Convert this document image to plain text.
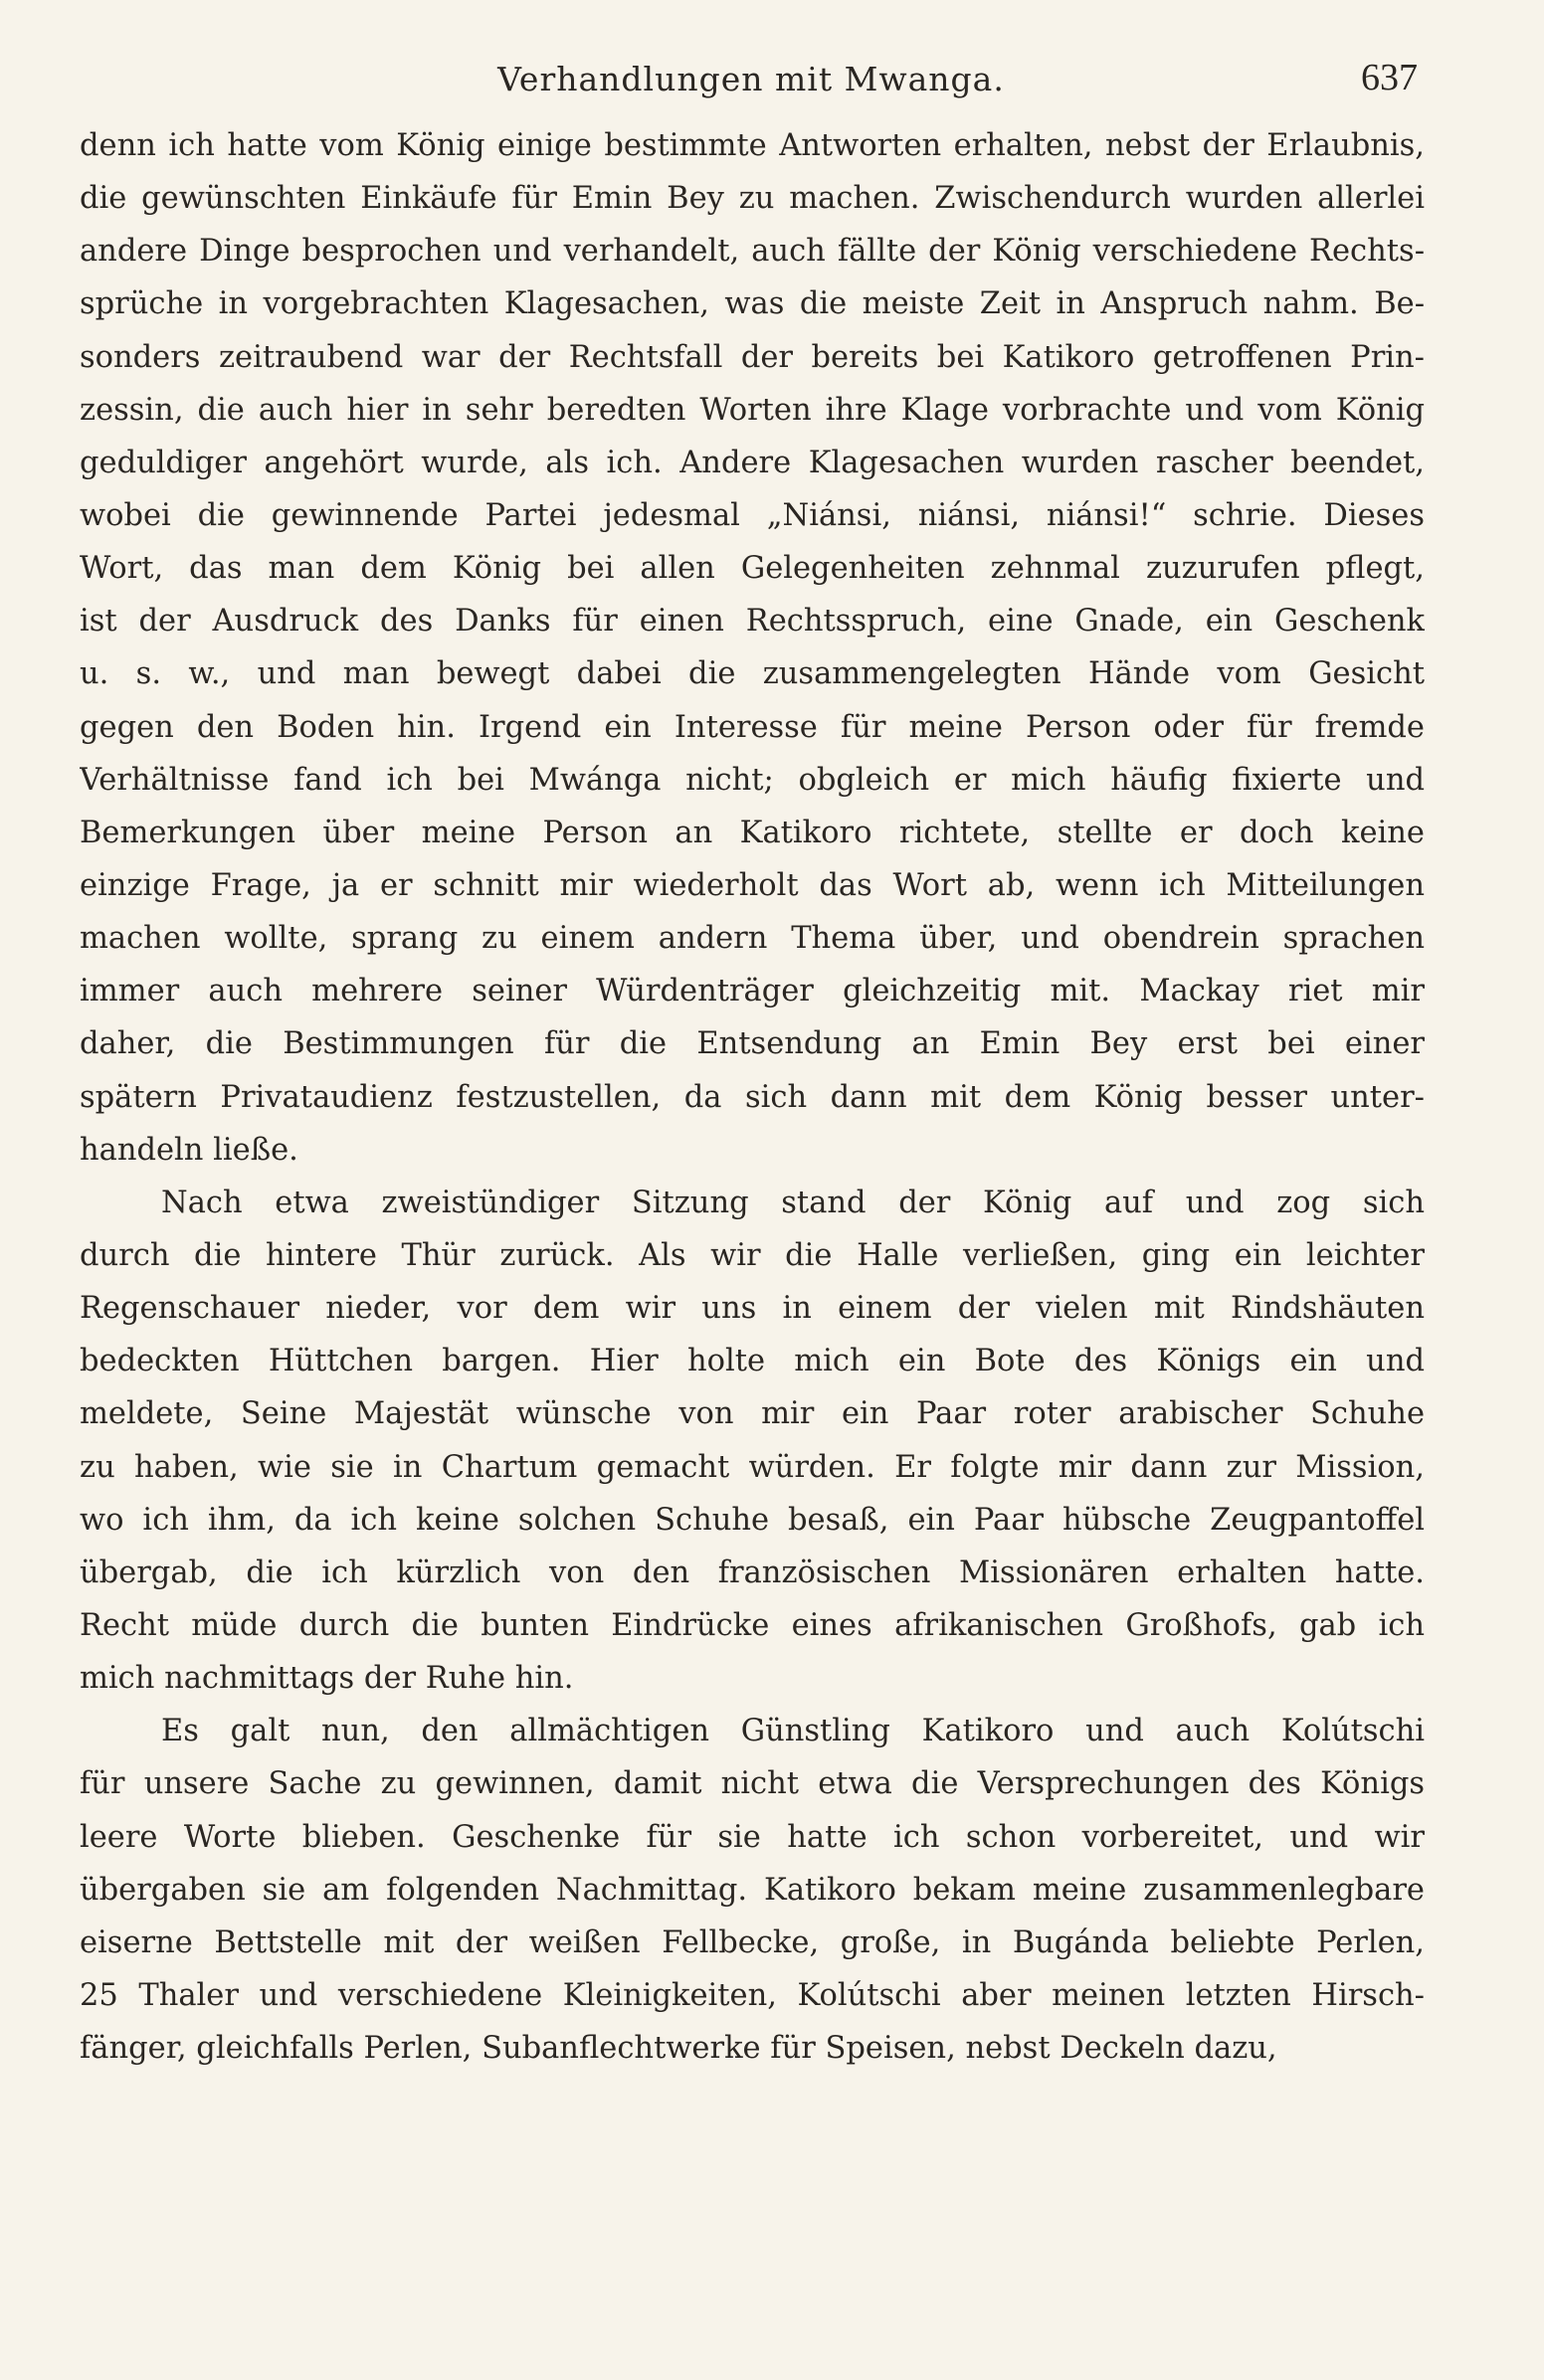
Verhandlungen mit Mwanga.	637
denn ich hatte vom König einige bestimmte Antworten erhalten, nebst der Erlaubnis,
die gewünschten Einkäufe für Emin Bey zu machen. Zwischendurch wurden allerlei
andere Dinge besprochen und verhandelt, auch fällte der König verschiedene Rechts-
sprüche in vorgebrachten Klagesachen, was die meiste Zeit in Anspruch nahm. Be-
sonders zeitraubend war der Rechtsfall der bereits bei Katikoro getroffenen Prin-
zessin, die auch hier in sehr beredten Worten ihre Klage vorbrachte und vom König
geduldiger angehört wurde, als ich. Andere Klagesachen wurden rascher beendet,
wobei die gewinnende Partei jedesmal „Niánsi, niánsi, niánsi!“ schrie. Dieses
Wort, das man dem König bei allen Gelegenheiten zehnmal zuzurufen pflegt,
ist der Ausdruck des Danks für einen Rechtsspruch, eine Gnade, ein Geschenk
u. s. w., und man bewegt dabei die zusammengelegten Hände vom Gesicht
gegen den Boden hin. Irgend ein Interesse für meine Person oder für fremde
Verhältnisse fand ich bei Mwánga nicht; obgleich er mich häufig fixierte und
Bemerkungen über meine Person an Katikoro richtete, stellte er doch keine
einzige Frage, ja er schnitt mir wiederholt das Wort ab, wenn ich Mitteilungen
machen wollte, sprang zu einem andern Thema über, und obendrein sprachen
immer auch mehrere seiner Würdenträger gleichzeitig mit. Mackay riet mir
daher, die Bestimmungen für die Entsendung an Emin Bey erst bei einer
spätern Privataudienz festzustellen, da sich dann mit dem König besser unter-
handeln ließe.
Nach etwa zweistündiger Sitzung stand der König auf und zog sich
durch die hintere Thür zurück. Als wir die Halle verließen, ging ein leichter
Regenschauer nieder, vor dem wir uns in einem der vielen mit Rindshäuten
bedeckten Hüttchen bargen. Hier holte mich ein Bote des Königs ein und
meldete, Seine Majestät wünsche von mir ein Paar roter arabischer Schuhe
zu haben, wie sie in Chartum gemacht würden. Er folgte mir dann zur Mission,
wo ich ihm, da ich keine solchen Schuhe besaß, ein Paar hübsche Zeugpantoffel
übergab, die ich kürzlich von den französischen Missionären erhalten hatte.
Recht müde durch die bunten Eindrücke eines afrikanischen Großhofs, gab ich
mich nachmittags der Ruhe hin.
Es galt nun, den allmächtigen Günstling Katikoro und auch Kolútschi
für unsere Sache zu gewinnen, damit nicht etwa die Versprechungen des Königs
leere Worte blieben. Geschenke für sie hatte ich schon vorbereitet, und wir
übergaben sie am folgenden Nachmittag. Katikoro bekam meine zusammenlegbare
eiserne Bettstelle mit der weißen Fellbecke, große, in Bugánda beliebte Perlen,
25 Thaler und verschiedene Kleinigkeiten, Kolútschi aber meinen letzten Hirsch-
fänger, gleichfalls Perlen, Subanflechtwerke für Speisen, nebst Deckeln dazu,
